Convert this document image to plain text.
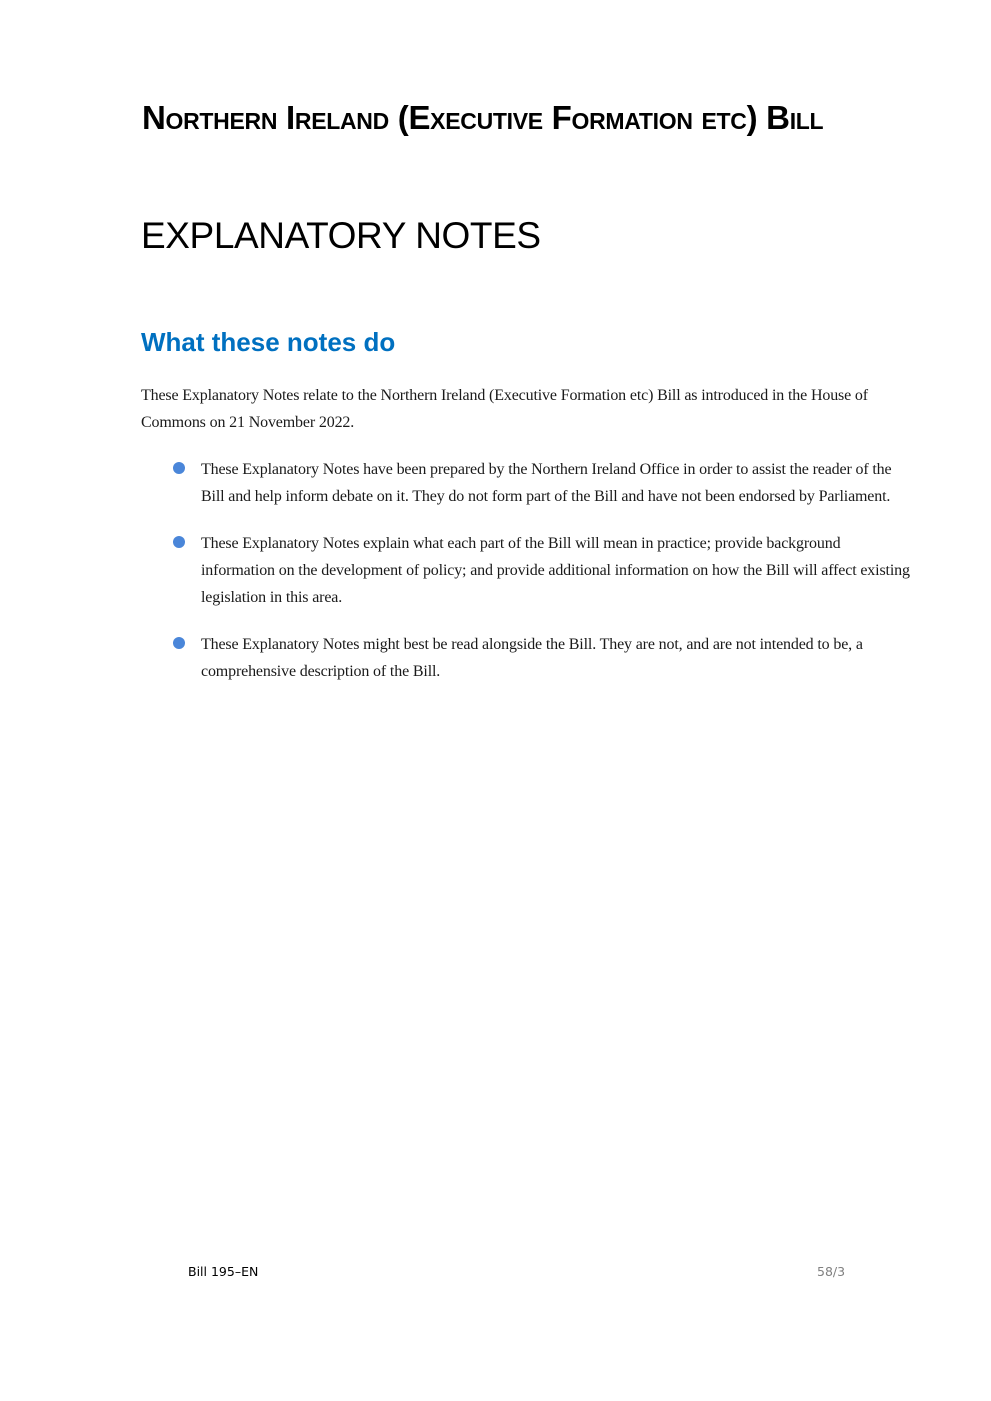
Northern Ireland (Executive Formation etc) Bill
EXPLANATORY NOTES
What these notes do

These Explanatory Notes relate to the Northern Ireland (Executive Formation etc) Bill as introduced in the House of Commons on 21 November 2022.

These Explanatory Notes have been prepared by the Northern Ireland Office in order to assist the reader of the Bill and help inform debate on it. They do not form part of the Bill and have not been endorsed by Parliament.
These Explanatory Notes explain what each part of the Bill will mean in practice; provide background information on the development of policy; and provide additional information on how the Bill will affect existing legislation in this area.
These Explanatory Notes might best be read alongside the Bill. They are not, and are not intended to be, a comprehensive description of the Bill.
Bill 195–EN	58/3
